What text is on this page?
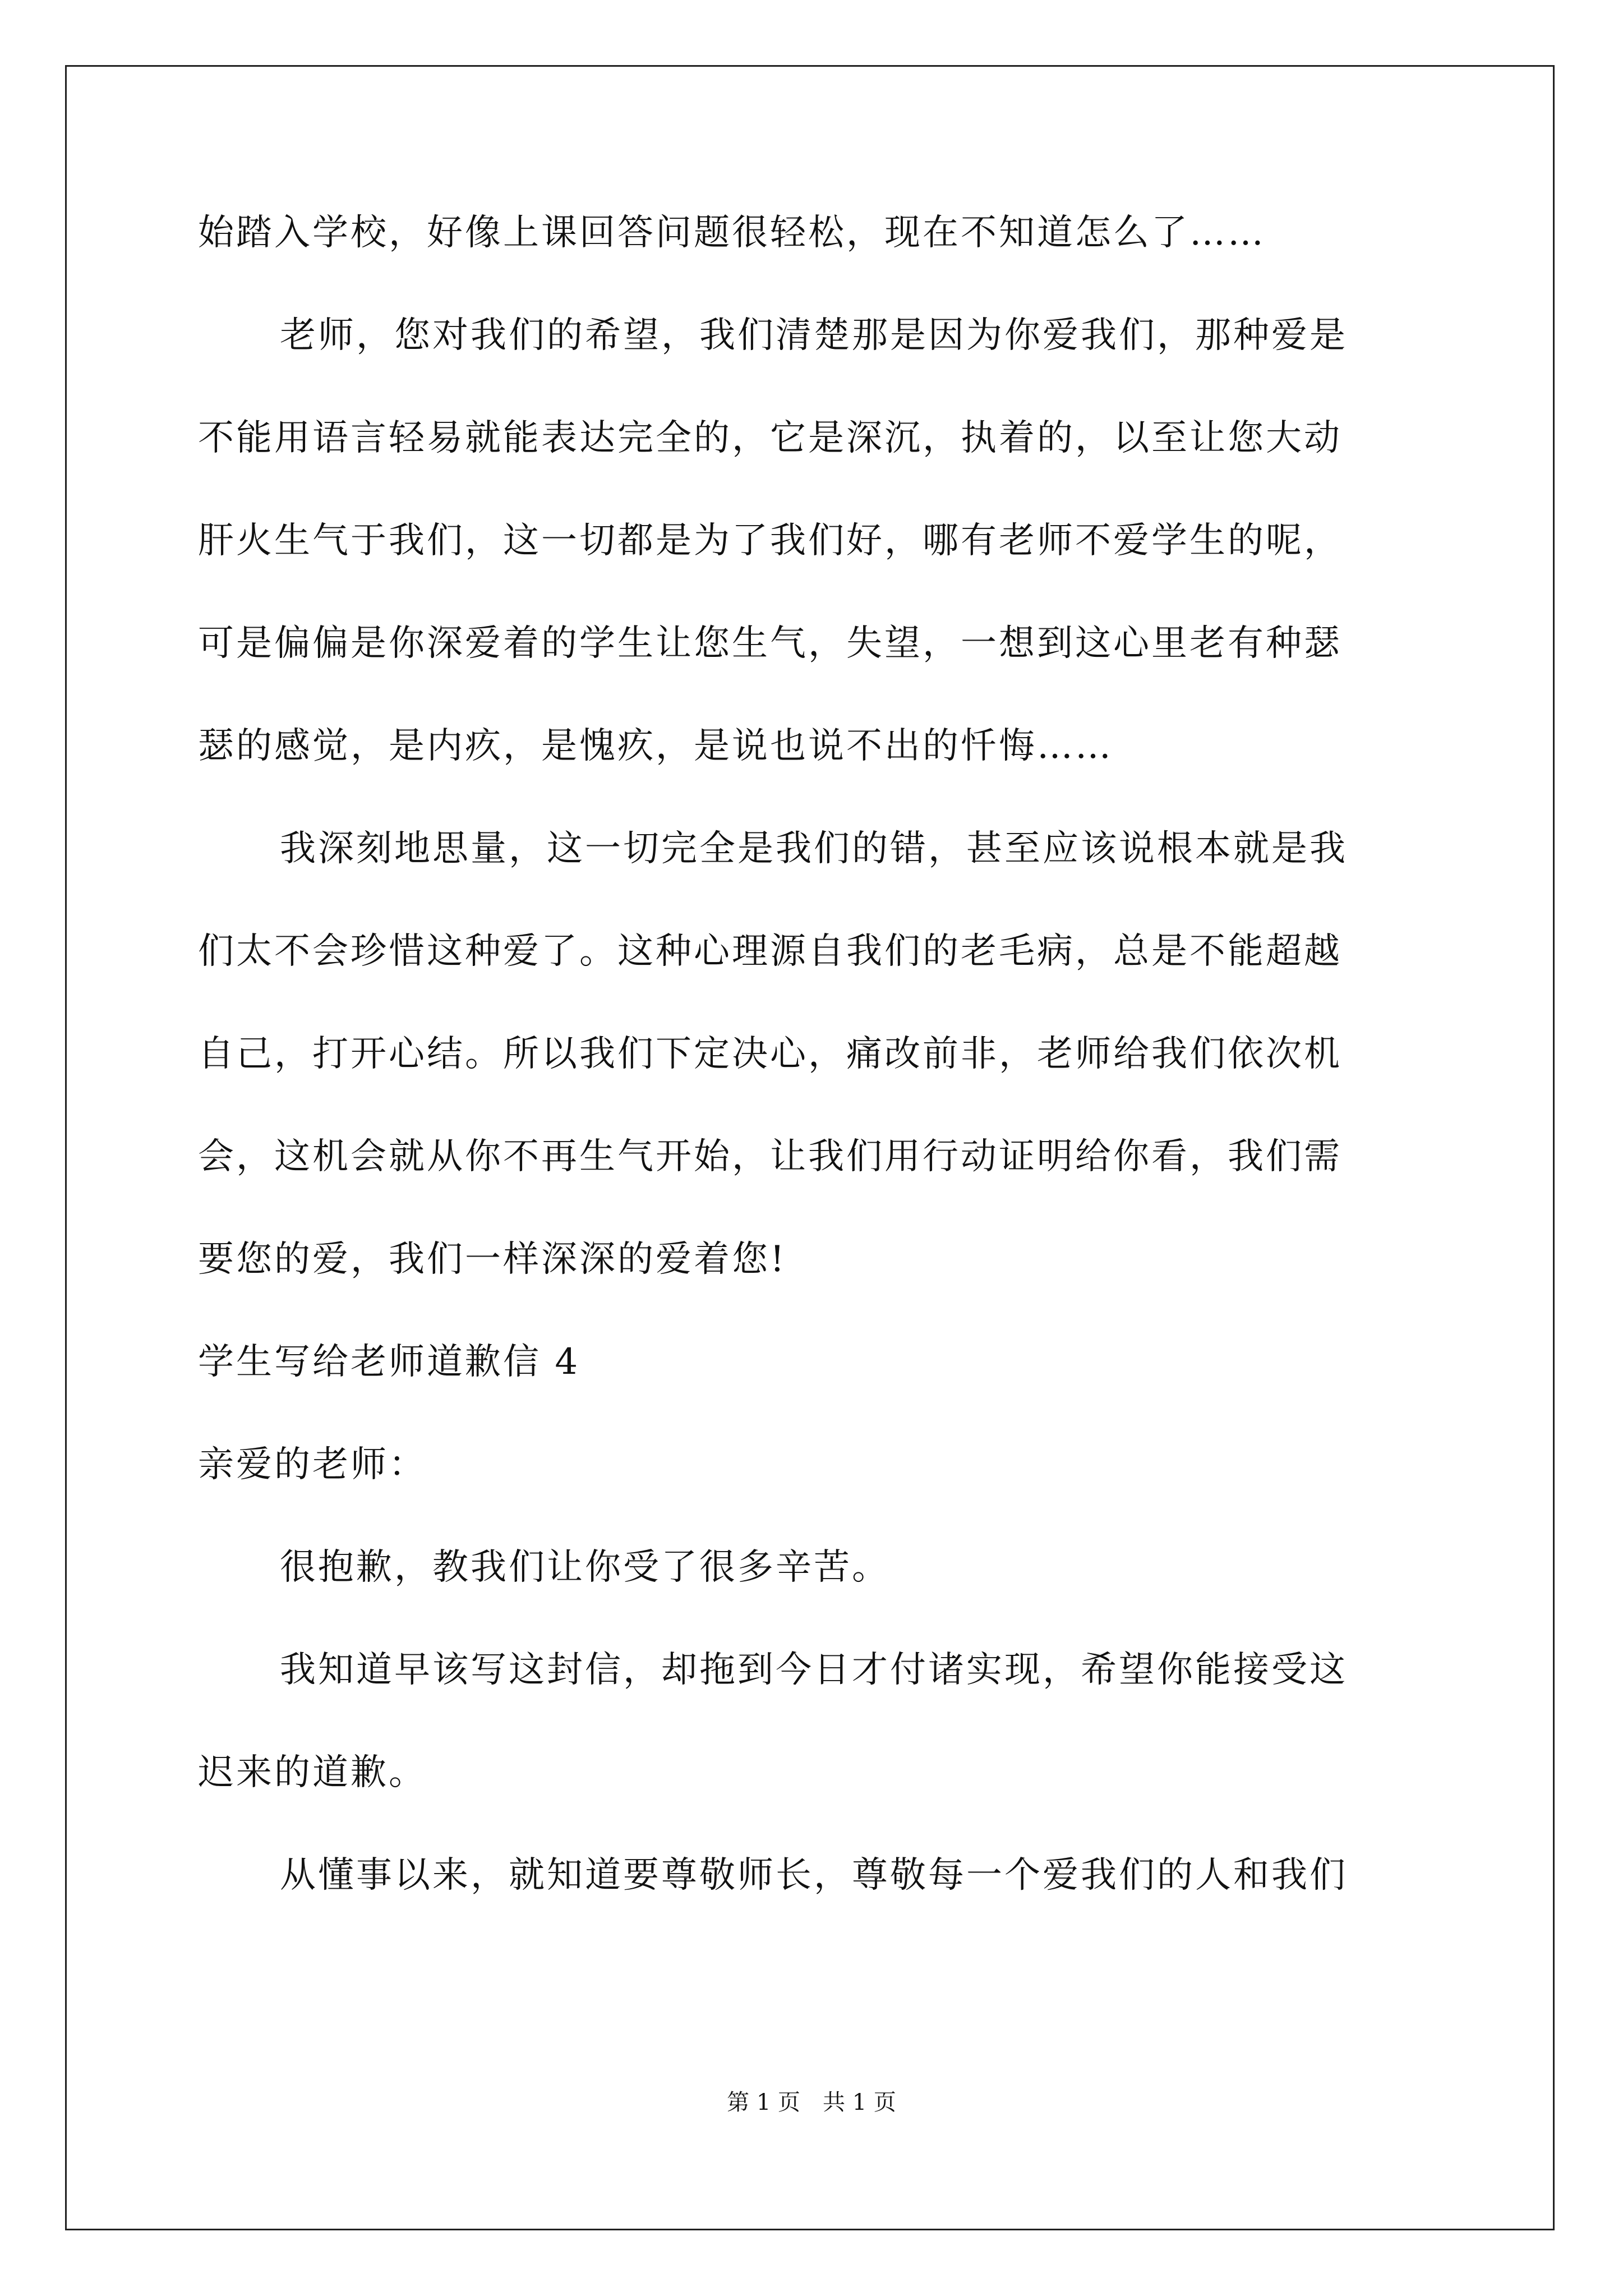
始踏入学校，好像上课回答问题很轻松，现在不知道怎么了……
老师，您对我们的希望，我们清楚那是因为你爱我们，那种爱是
不能用语言轻易就能表达完全的，它是深沉，执着的，以至让您大动
肝火生气于我们，这一切都是为了我们好，哪有老师不爱学生的呢，
可是偏偏是你深爱着的学生让您生气，失望，一想到这心里老有种瑟
瑟的感觉，是内疚，是愧疚，是说也说不出的忏悔……
我深刻地思量，这一切完全是我们的错，甚至应该说根本就是我
们太不会珍惜这种爱了。这种心理源自我们的老毛病，总是不能超越
自己，打开心结。所以我们下定决心，痛改前非，老师给我们依次机
会，这机会就从你不再生气开始，让我们用行动证明给你看，我们需
要您的爱，我们一样深深的爱着您!
学生写给老师道歉信 4
亲爱的老师：
很抱歉，教我们让你受了很多辛苦。
我知道早该写这封信，却拖到今日才付诸实现，希望你能接受这
迟来的道歉。
从懂事以来，就知道要尊敬师长，尊敬每一个爱我们的人和我们
第 1 页　共 1 页
